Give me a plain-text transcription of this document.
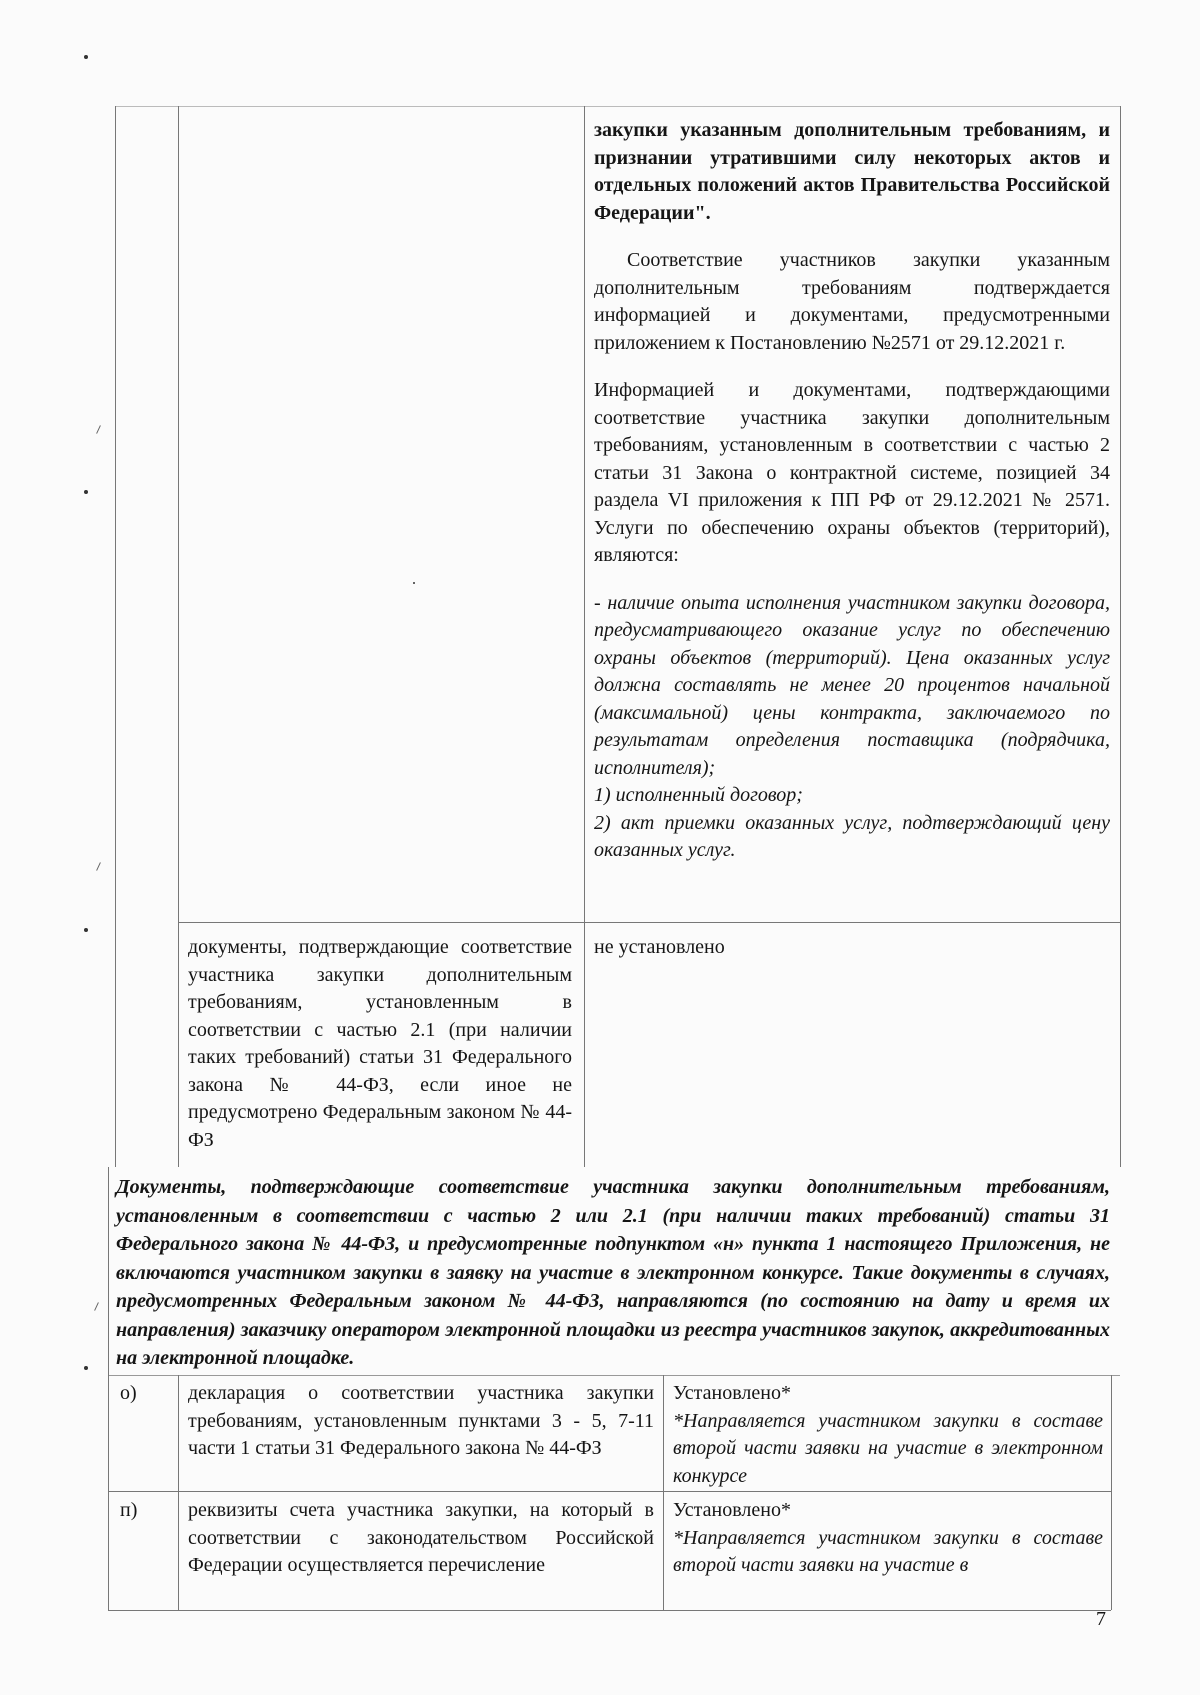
закупки указанным дополнительным требованиям, и признании утратившими силу некоторых актов и отдельных положений актов Правительства Российской Федерации".

Соответствие участников закупки указанным дополнительным требованиям подтверждается информацией и документами, предусмотренными приложением к Постановлению №2571 от 29.12.2021 г.

Информацией и документами, подтверждающими соответствие участника закупки дополнительным требованиям, установленным в соответствии с частью 2 статьи 31 Закона о контрактной системе, позицией 34 раздела VI приложения к ПП РФ от 29.12.2021 № 2571. Услуги по обеспечению охраны объектов (территорий), являются:

- наличие опыта исполнения участником закупки договора, предусматривающего оказание услуг по обеспечению охраны объектов (территорий). Цена оказанных услуг должна составлять не менее 20 процентов начальной (максимальной) цены контракта, заключаемого по результатам определения поставщика (подрядчика, исполнителя);

1) исполненный договор;

2) акт приемки оказанных услуг, подтверждающий цену оказанных услуг.

документы, подтверждающие соответствие участника закупки дополнительным требованиям, установленным в соответствии с частью 2.1 (при наличии таких требований) статьи 31 Федерального закона № 44-ФЗ, если иное не предусмотрено Федеральным законом № 44-ФЗ
не установлено
Документы, подтверждающие соответствие участника закупки дополнительным требованиям, установленным в соответствии с частью 2 или 2.1 (при наличии таких требований) статьи 31 Федерального закона № 44-ФЗ, и предусмотренные подпунктом «н» пункта 1 настоящего Приложения, не включаются участником закупки в заявку на участие в электронном конкурсе. Такие документы в случаях, предусмотренных Федеральным законом № 44-ФЗ, направляются (по состоянию на дату и время их направления) заказчику оператором электронной площадки из реестра участников закупок, аккредитованных на электронной площадке.
о)	декларация о соответствии участника закупки требованиям, установленным пунктами 3 - 5, 7-11 части 1 статьи 31 Федерального закона № 44-ФЗ

Установлено*

*Направляется участником закупки в составе второй части заявки на участие в электронном конкурсе

п)	реквизиты счета участника закупки, на который в соответствии с законодательством Российской Федерации осуществляется перечисление

Установлено*

*Направляется участником закупки в составе второй части заявки на участие в

7
